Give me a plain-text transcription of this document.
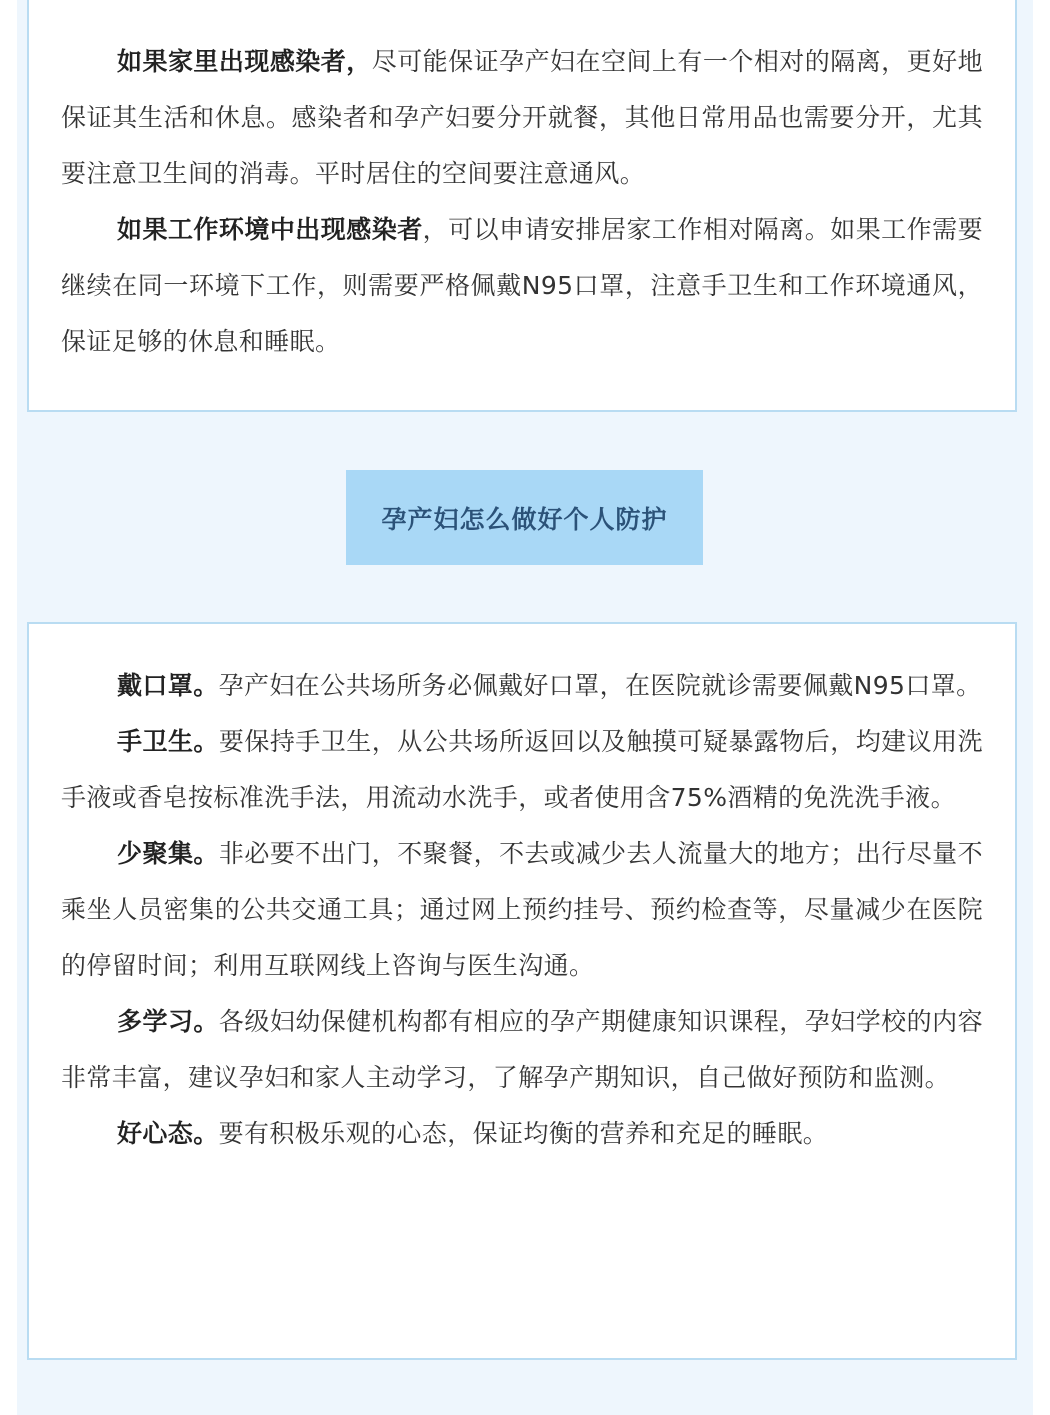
如果家里出现感染者，尽可能保证孕产妇在空间上有一个相对的隔离，更好地保证其生活和休息。感染者和孕产妇要分开就餐，其他日常用品也需要分开，尤其要注意卫生间的消毒。平时居住的空间要注意通风。

如果工作环境中出现感染者，可以申请安排居家工作相对隔离。如果工作需要继续在同一环境下工作，则需要严格佩戴N95口罩，注意手卫生和工作环境通风，保证足够的休息和睡眠。

孕产妇怎么做好个人防护

戴口罩。孕产妇在公共场所务必佩戴好口罩，在医院就诊需要佩戴N95口罩。

手卫生。要保持手卫生，从公共场所返回以及触摸可疑暴露物后，均建议用洗手液或香皂按标准洗手法，用流动水洗手，或者使用含75%酒精的免洗洗手液。

少聚集。非必要不出门，不聚餐，不去或减少去人流量大的地方；出行尽量不乘坐人员密集的公共交通工具；通过网上预约挂号、预约检查等，尽量减少在医院的停留时间；利用互联网线上咨询与医生沟通。

多学习。各级妇幼保健机构都有相应的孕产期健康知识课程，孕妇学校的内容非常丰富，建议孕妇和家人主动学习，了解孕产期知识，自己做好预防和监测。

好心态。要有积极乐观的心态，保证均衡的营养和充足的睡眠。
